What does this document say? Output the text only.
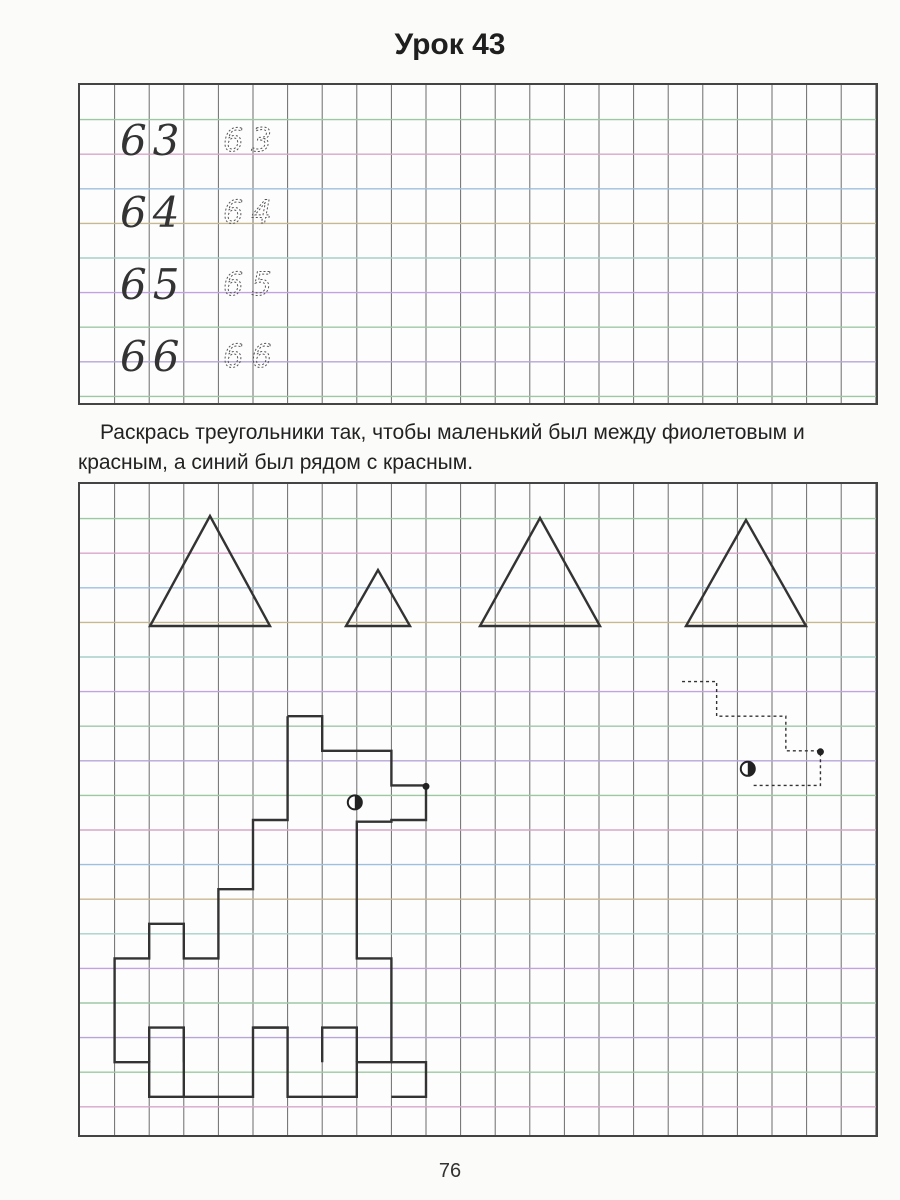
Урок 43
63 63
64 64
65 65
66 66
Раскрась треугольники так, чтобы маленький был между фиолетовым и красным, а синий был рядом с красным.
76
